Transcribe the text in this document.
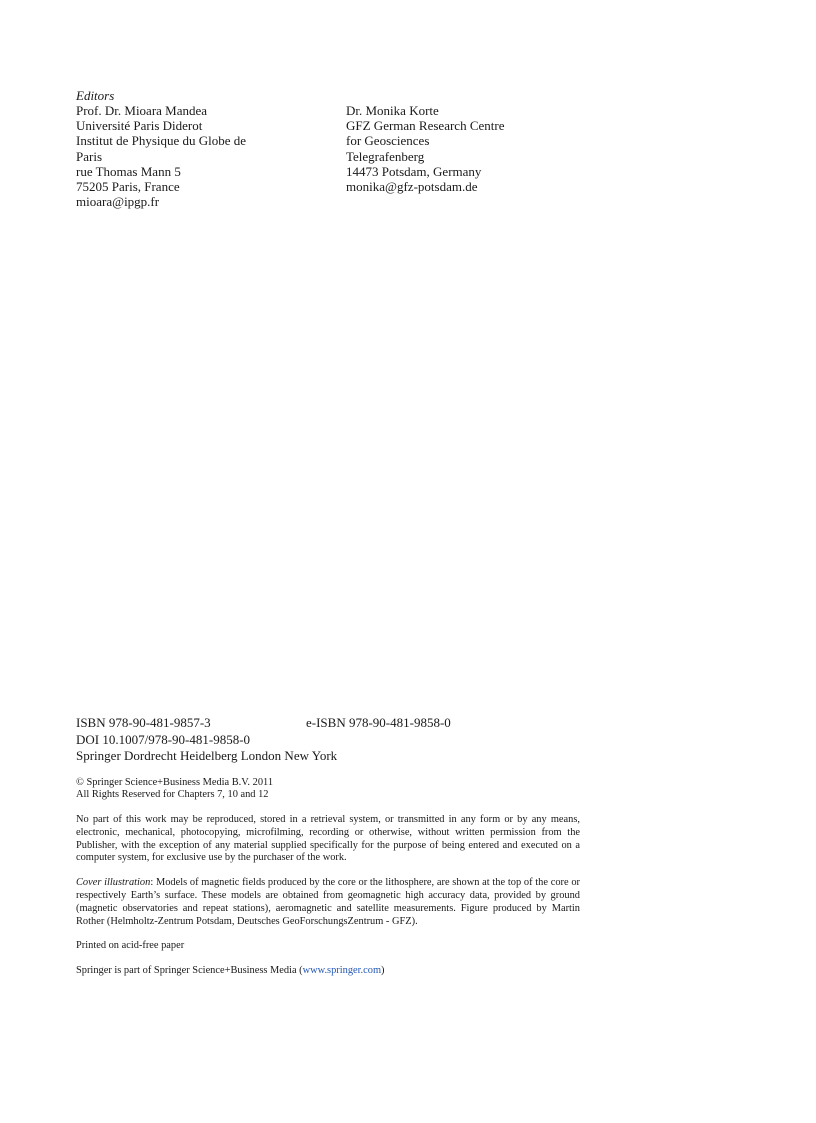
Editors
Prof. Dr. Mioara Mandea
Université Paris Diderot
Institut de Physique du Globe de
Paris
rue Thomas Mann 5
75205 Paris, France
mioara@ipgp.fr
Dr. Monika Korte
GFZ German Research Centre
for Geosciences
Telegrafenberg
14473 Potsdam, Germany
monika@gfz-potsdam.de
ISBN 978-90-481-9857-3	e-ISBN 978-90-481-9858-0
DOI 10.1007/978-90-481-9858-0
Springer Dordrecht Heidelberg London New York
© Springer Science+Business Media B.V. 2011
All Rights Reserved for Chapters 7, 10 and 12
No part of this work may be reproduced, stored in a retrieval system, or transmitted in any form or by any means, electronic, mechanical, photocopying, microfilming, recording or otherwise, without written permission from the Publisher, with the exception of any material supplied specifically for the purpose of being entered and executed on a computer system, for exclusive use by the purchaser of the work.
Cover illustration: Models of magnetic fields produced by the core or the lithosphere, are shown at the top of the core or respectively Earth’s surface. These models are obtained from geomagnetic high accuracy data, provided by ground (magnetic observatories and repeat stations), aeromagnetic and satellite measurements. Figure produced by Martin Rother (Helmholtz-Zentrum Potsdam, Deutsches GeoForschungsZentrum - GFZ).
Printed on acid-free paper
Springer is part of Springer Science+Business Media (www.springer.com)
